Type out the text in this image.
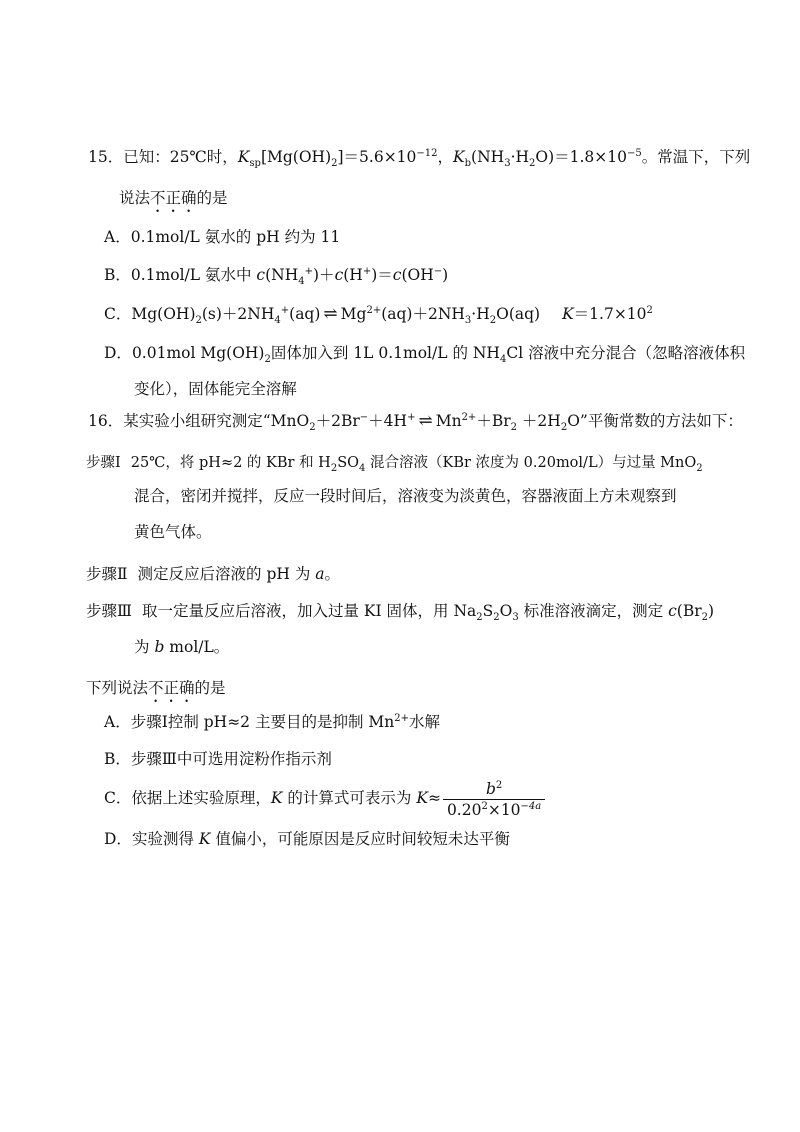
15．已知：25℃时，$K_{sp}[Mg(OH)_2]=5.6\times 10^{-12}$，$K_b(NH_3\cdot H_2O)=1.8\times 10^{-5}$。常温下，下列
说法不正确的是
A．0.1mol/L 氨水的 pH 约为 11
B．0.1mol/L 氨水中 $c(NH_4^+)+c(H^+)=c(OH^-)$
C．$Mg(OH)_2(s)+2NH_4^+(aq)$ ⇌ $Mg^{2+}(aq)+2NH_3\cdot H_2O(aq)$ $K=1.7\times 10^2$
D．0.01mol $Mg(OH)_2$固体加入到 1L 0.1mol/L 的 $NH_4Cl$ 溶液中充分混合（忽略溶液体积
变化），固体能完全溶解
16．某实验小组研究测定“MnO$_2$＋2Br−＋4H+ ⇌ $Mn^{2+}+Br_2 +2H_2O$”平衡常数的方法如下：
步骤Ⅰ 25℃，将 pH≈2 的 KBr 和 $H_2SO_4$ 混合溶液（KBr 浓度为 0.20mol/L）与过量 MnO$_2$
混合，密闭并搅拌，反应一段时间后，溶液变为淡黄色，容器液面上方未观察到
黄色气体。
步骤Ⅱ 测定反应后溶液的 pH 为 a。
步骤Ⅲ 取一定量反应后溶液，加入过量 KI 固体，用 $Na_2S_2O_3$ 标准溶液滴定，测定 $c(Br_2)$
为 b mol/L。
下列说法不正确的是
A．步骤Ⅰ控制 pH≈2 主要目的是抑制 $Mn^{2+}$水解
B．步骤Ⅲ中可选用淀粉作指示剂
C．依据上述实验原理，K 的计算式可表示为 $K\approx \frac{b^2}{0.20^2\times 10^{-4a}}$
D．实验测得 K 值偏小，可能原因是反应时间较短未达平衡
